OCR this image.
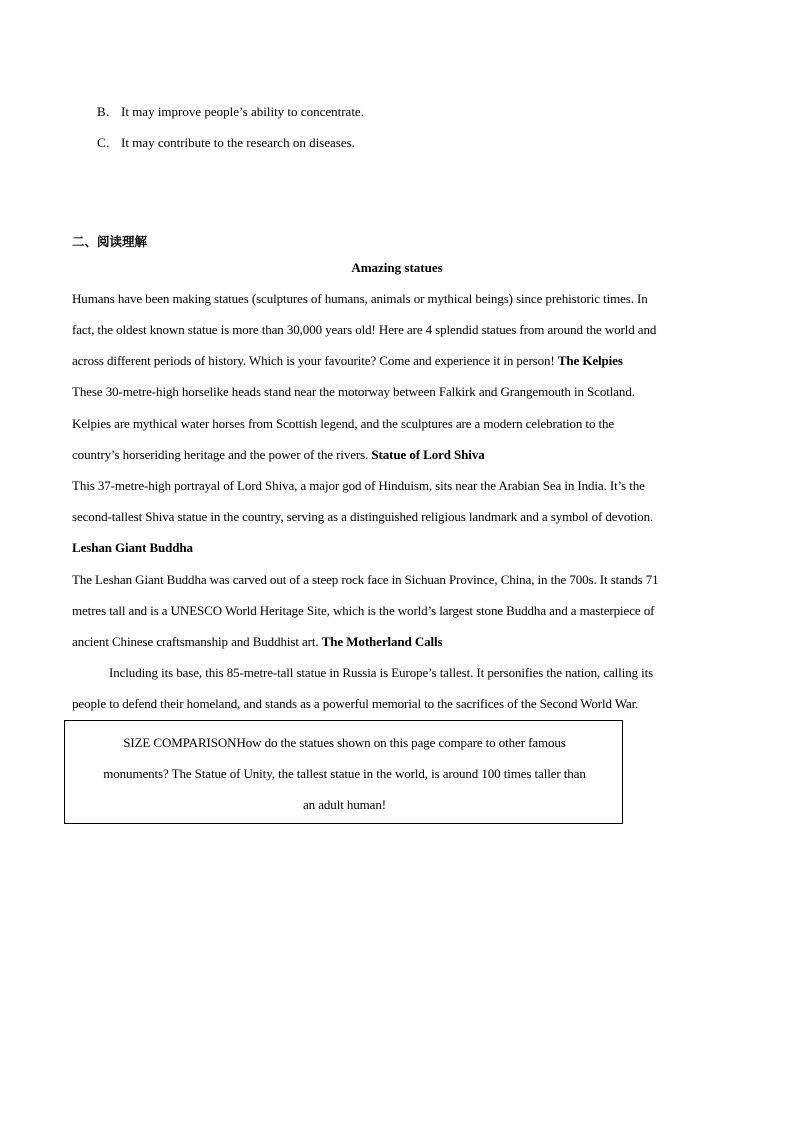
B． It may improve people’s ability to concentrate.
C． It may contribute to the research on diseases.
二、阅读理解
Amazing statues
Humans have been making statues (sculptures of humans, animals or mythical beings) since prehistoric times. In
fact, the oldest known statue is more than 30,000 years old! Here are 4 splendid statues from around the world and
across different periods of history. Which is your favourite? Come and experience it in person! The Kelpies
These 30-metre-high horselike heads stand near the motorway between Falkirk and Grangemouth in Scotland.
Kelpies are mythical water horses from Scottish legend, and the sculptures are a modern celebration to the
country’s horseriding heritage and the power of the rivers. Statue of Lord Shiva
This 37-metre-high portrayal of Lord Shiva, a major god of Hinduism, sits near the Arabian Sea in India. It’s the
second-tallest Shiva statue in the country, serving as a distinguished religious landmark and a symbol of devotion.
Leshan Giant Buddha
The Leshan Giant Buddha was carved out of a steep rock face in Sichuan Province, China, in the 700s. It stands 71
metres tall and is a UNESCO World Heritage Site, which is the world’s largest stone Buddha and a masterpiece of
ancient Chinese craftsmanship and Buddhist art. The Motherland Calls
Including its base, this 85-metre-tall statue in Russia is Europe’s tallest. It personifies the nation, calling its
people to defend their homeland, and stands as a powerful memorial to the sacrifices of the Second World War.
SIZE COMPARISONHow do the statues shown on this page compare to other famous
monuments? The Statue of Unity, the tallest statue in the world, is around 100 times taller than
an adult human!
